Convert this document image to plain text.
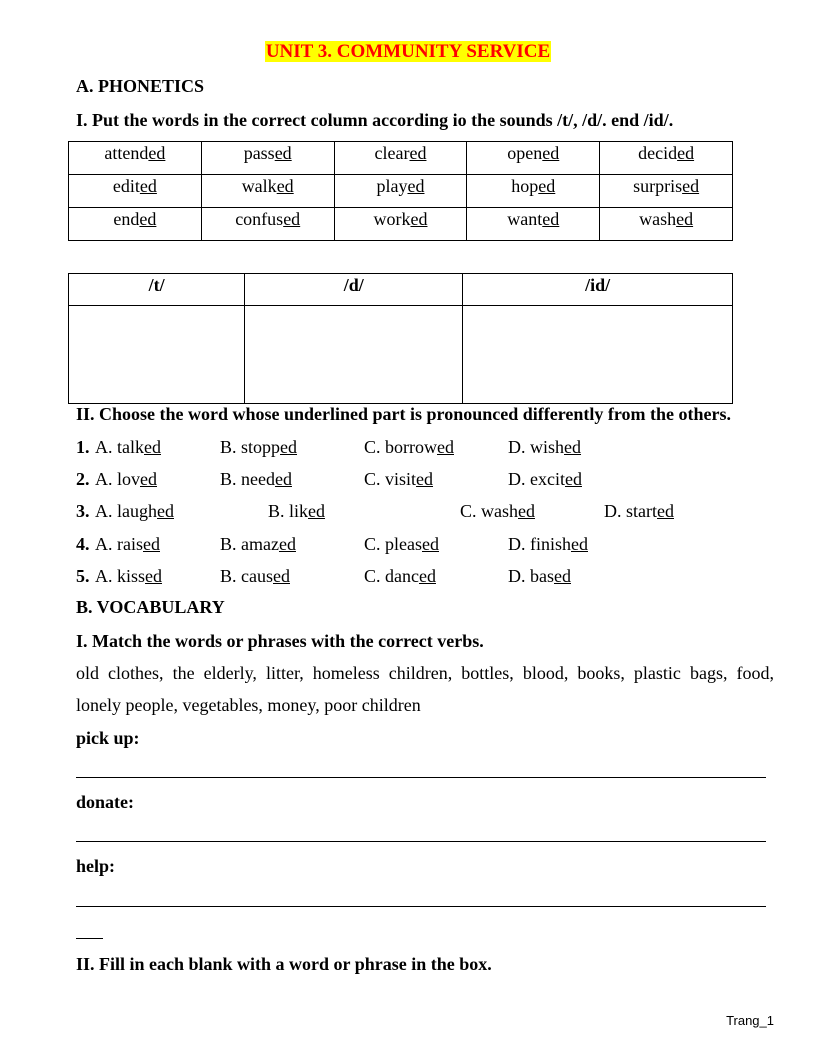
UNIT 3. COMMUNITY SERVICE
A. PHONETICS
I. Put the words in the correct column according io the sounds /t/, /d/. end /id/.
attended	passed	cleared	opened	decided
edited	walked	played	hoped	surprised
ended	confused	worked	wanted	washed
/t/	/d/	/id/

II. Choose the word whose underlined part is pronounced differently from the others.
1. A. talked	B. stopped	C. borrowed	D. wished
2. A. loved	B. needed	C. visited	D. excited
3. A. laughed	B. liked	C. washed	D. started
4. A. raised	B. amazed	C. pleased	D. finished
5. A. kissed	B. caused	C. danced	D. based
B. VOCABULARY
I. Match the words or phrases with the correct verbs.
old clothes, the elderly, litter, homeless children, bottles, blood, books, plastic bags, food,
lonely people, vegetables, money, poor children
pick up:
donate:
help:
II. Fill in each blank with a word or phrase in the box.
Trang_1
